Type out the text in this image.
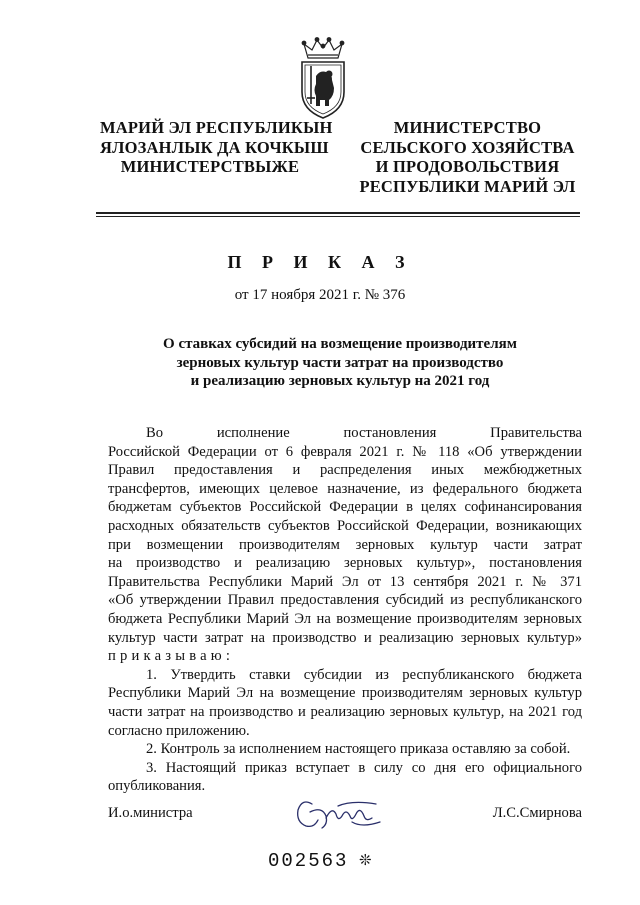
МАРИЙ ЭЛ РЕСПУБЛИКЫН
ЯЛОЗАНЛЫК ДА КОЧКЫШ
МИНИСТЕРСТВЫЖЕ
МИНИСТЕРСТВО
СЕЛЬСКОГО ХОЗЯЙСТВА
И ПРОДОВОЛЬСТВИЯ
РЕСПУБЛИКИ МАРИЙ ЭЛ
П Р И К А З
от 17 ноября 2021 г. № 376
О ставках субсидий на возмещение производителям
зерновых культур части затрат на производство
и реализацию зерновых культур на 2021 год
Во исполнение постановления Правительства
Российской Федерации от 6 февраля 2021 г. № 118 «Об утверждении
Правил предоставления и распределения иных межбюджетных
трансфертов, имеющих целевое назначение, из федерального бюджета
бюджетам субъектов Российской Федерации в целях софинансирования
расходных обязательств субъектов Российской Федерации, возникающих
при возмещении производителям зерновых культур части затрат
на производство и реализацию зерновых культур», постановления
Правительства Республики Марий Эл от 13 сентября 2021 г. № 371
«Об утверждении Правил предоставления субсидий из республиканского
бюджета Республики Марий Эл на возмещение производителям зерновых
культур части затрат на производство и реализацию зерновых культур»
приказываю:
1. Утвердить ставки субсидии из республиканского бюджета
Республики Марий Эл на возмещение производителям зерновых культур
части затрат на производство и реализацию зерновых культур, на 2021 год
согласно приложению.
2. Контроль за исполнением настоящего приказа оставляю за собой.
3. Настоящий приказ вступает в силу со дня его официального
опубликования.
И.о.министра	Л.С.Смирнова
002563 ❊
